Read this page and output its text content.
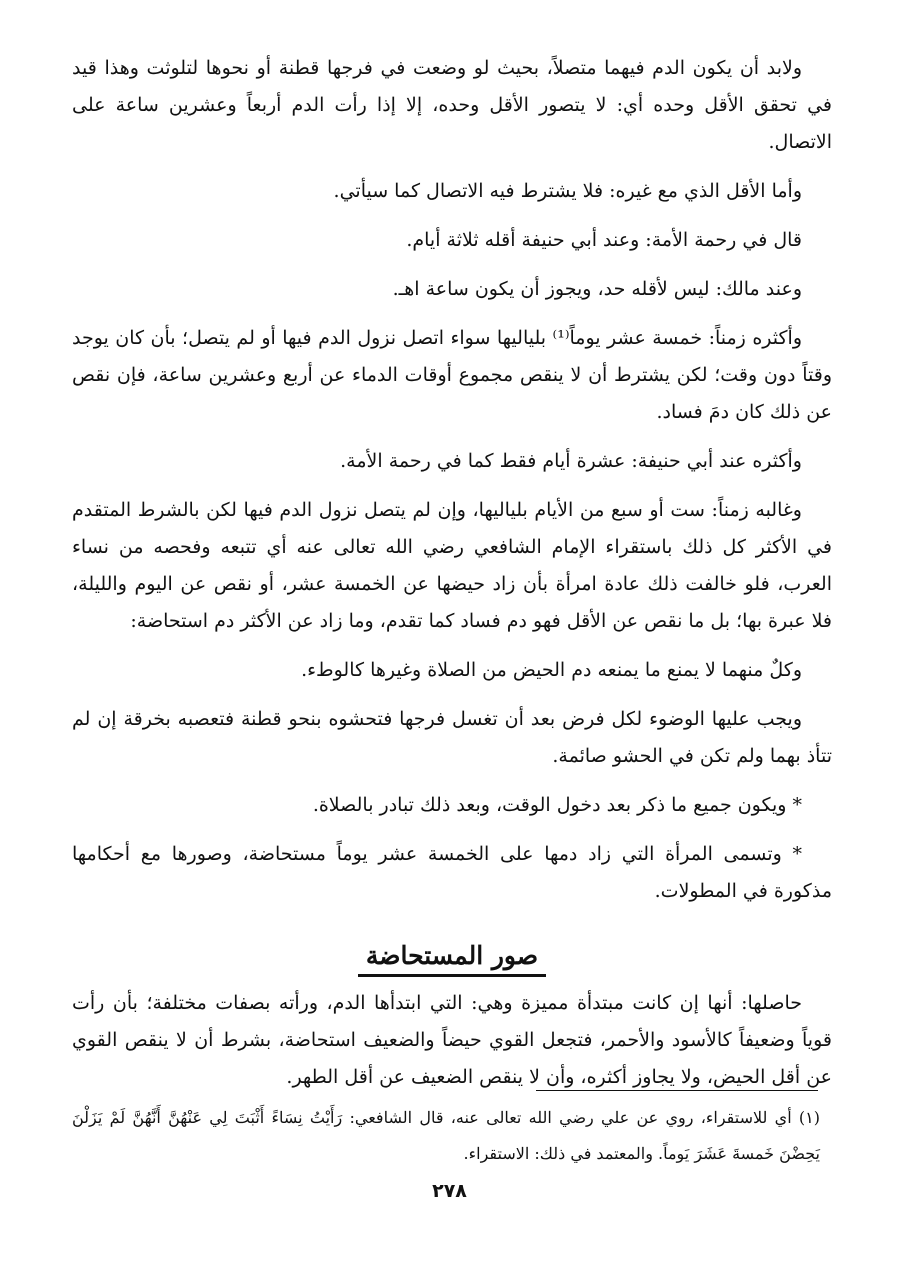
ولابد أن يكون الدم فيهما متصلاً، بحيث لو وضعت في فرجها قطنة أو نحوها لتلوثت وهذا قيد في تحقق الأقل وحده أي: لا يتصور الأقل وحده، إلا إذا رأت الدم أربعاً وعشرين ساعة على الاتصال.

وأما الأقل الذي مع غيره: فلا يشترط فيه الاتصال كما سيأتي.

قال في رحمة الأمة: وعند أبي حنيفة أقله ثلاثة أيام.

وعند مالك: ليس لأقله حد، ويجوز أن يكون ساعة اهـ.

وأكثره زمناً: خمسة عشر يوماً⁽¹⁾ بلياليها سواء اتصل نزول الدم فيها أو لم يتصل؛ بأن كان يوجد وقتاً دون وقت؛ لكن يشترط أن لا ينقص مجموع أوقات الدماء عن أربع وعشرين ساعة، فإن نقص عن ذلك كان دمَ فساد.

وأكثره عند أبي حنيفة: عشرة أيام فقط كما في رحمة الأمة.

وغالبه زمناً: ست أو سبع من الأيام بلياليها، وإن لم يتصل نزول الدم فيها لكن بالشرط المتقدم في الأكثر كل ذلك باستقراء الإمام الشافعي رضي الله تعالى عنه أي تتبعه وفحصه من نساء العرب، فلو خالفت ذلك عادة امرأة بأن زاد حيضها عن الخمسة عشر، أو نقص عن اليوم والليلة، فلا عبرة بها؛ بل ما نقص عن الأقل فهو دم فساد كما تقدم، وما زاد عن الأكثر دم استحاضة:

وكلٌ منهما لا يمنع ما يمنعه دم الحيض من الصلاة وغيرها كالوطء.

ويجب عليها الوضوء لكل فرض بعد أن تغسل فرجها فتحشوه بنحو قطنة فتعصبه بخرقة إن لم تتأذ بهما ولم تكن في الحشو صائمة.

* ويكون جميع ما ذكر بعد دخول الوقت، وبعد ذلك تبادر بالصلاة.

* وتسمى المرأة التي زاد دمها على الخمسة عشر يوماً مستحاضة، وصورها مع أحكامها مذكورة في المطولات.

صور المستحاضة

حاصلها: أنها إن كانت مبتدأة مميزة وهي: التي ابتدأها الدم، ورأته بصفات مختلفة؛ بأن رأت قوياً وضعيفاً كالأسود والأحمر، فتجعل القوي حيضاً والضعيف استحاضة، بشرط أن لا ينقص القوي عن أقل الحيض، ولا يجاوز أكثره، وأن لا ينقص الضعيف عن أقل الطهر.

(١) أي للاستقراء، روي عن علي رضي الله تعالى عنه، قال الشافعي: رَأَيْتُ نِسَاءً أَثْبَتَ لِي عَنْهُنَّ أَنَّهُنَّ لَمْ يَزَلْنَ يَحِضْنَ خَمسةَ عَشَرَ يَوماً. والمعتمد في ذلك: الاستقراء.

٢٧٨
